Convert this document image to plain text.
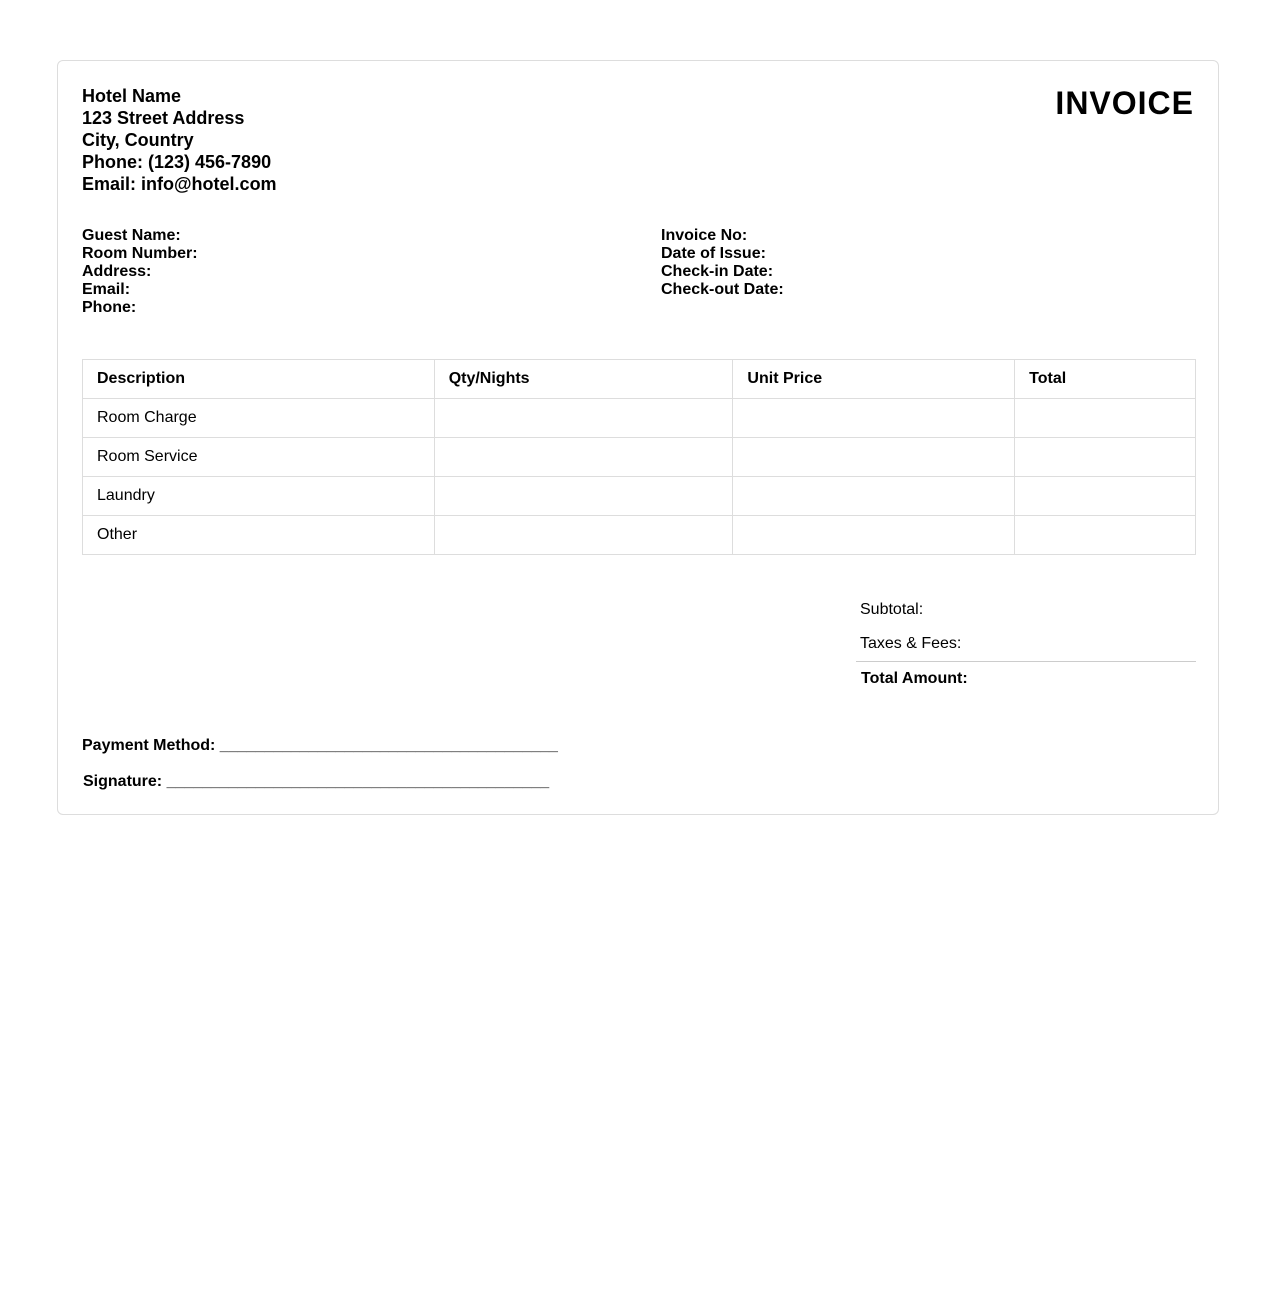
Hotel Name
123 Street Address
City, Country
Phone: (123) 456-7890
Email: info@hotel.com
INVOICE
Guest Name:
Room Number:
Address:
Email:
Phone:
Invoice No:
Date of Issue:
Check-in Date:
Check-out Date:
Description	Qty/Nights	Unit Price	Total
Room Charge			
Room Service			
Laundry			
Other			
Subtotal:
Taxes & Fees:
Total Amount:
Payment Method: ______________________________________
Signature: ___________________________________________
